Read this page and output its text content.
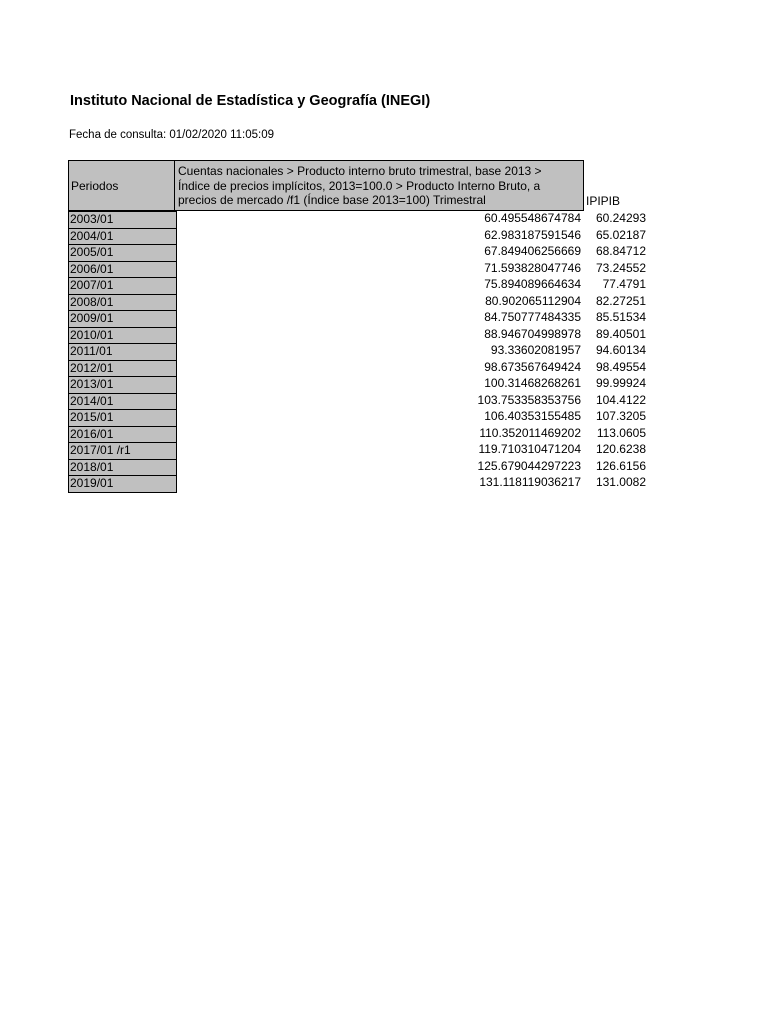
Instituto Nacional de Estadística y Geografía (INEGI)
Fecha de consulta: 01/02/2020 11:05:09
Periodos
Cuentas nacionales > Producto interno bruto trimestral, base 2013 >
Índice de precios implícitos, 2013=100.0 > Producto Interno Bruto, a
precios de mercado /f1 (Índice base 2013=100) Trimestral	IPIPIB
2003/01	60.495548674784	60.24293
2004/01	62.983187591546	65.02187
2005/01	67.849406256669	68.84712
2006/01	71.593828047746	73.24552
2007/01	75.894089664634	77.4791
2008/01	80.902065112904	82.27251
2009/01	84.750777484335	85.51534
2010/01	88.946704998978	89.40501
2011/01	93.33602081957	94.60134
2012/01	98.673567649424	98.49554
2013/01	100.31468268261	99.99924
2014/01	103.753358353756	104.4122
2015/01	106.40353155485	107.3205
2016/01	110.352011469202	113.0605
2017/01 /r1	119.710310471204	120.6238
2018/01	125.679044297223	126.6156
2019/01	131.118119036217	131.0082
